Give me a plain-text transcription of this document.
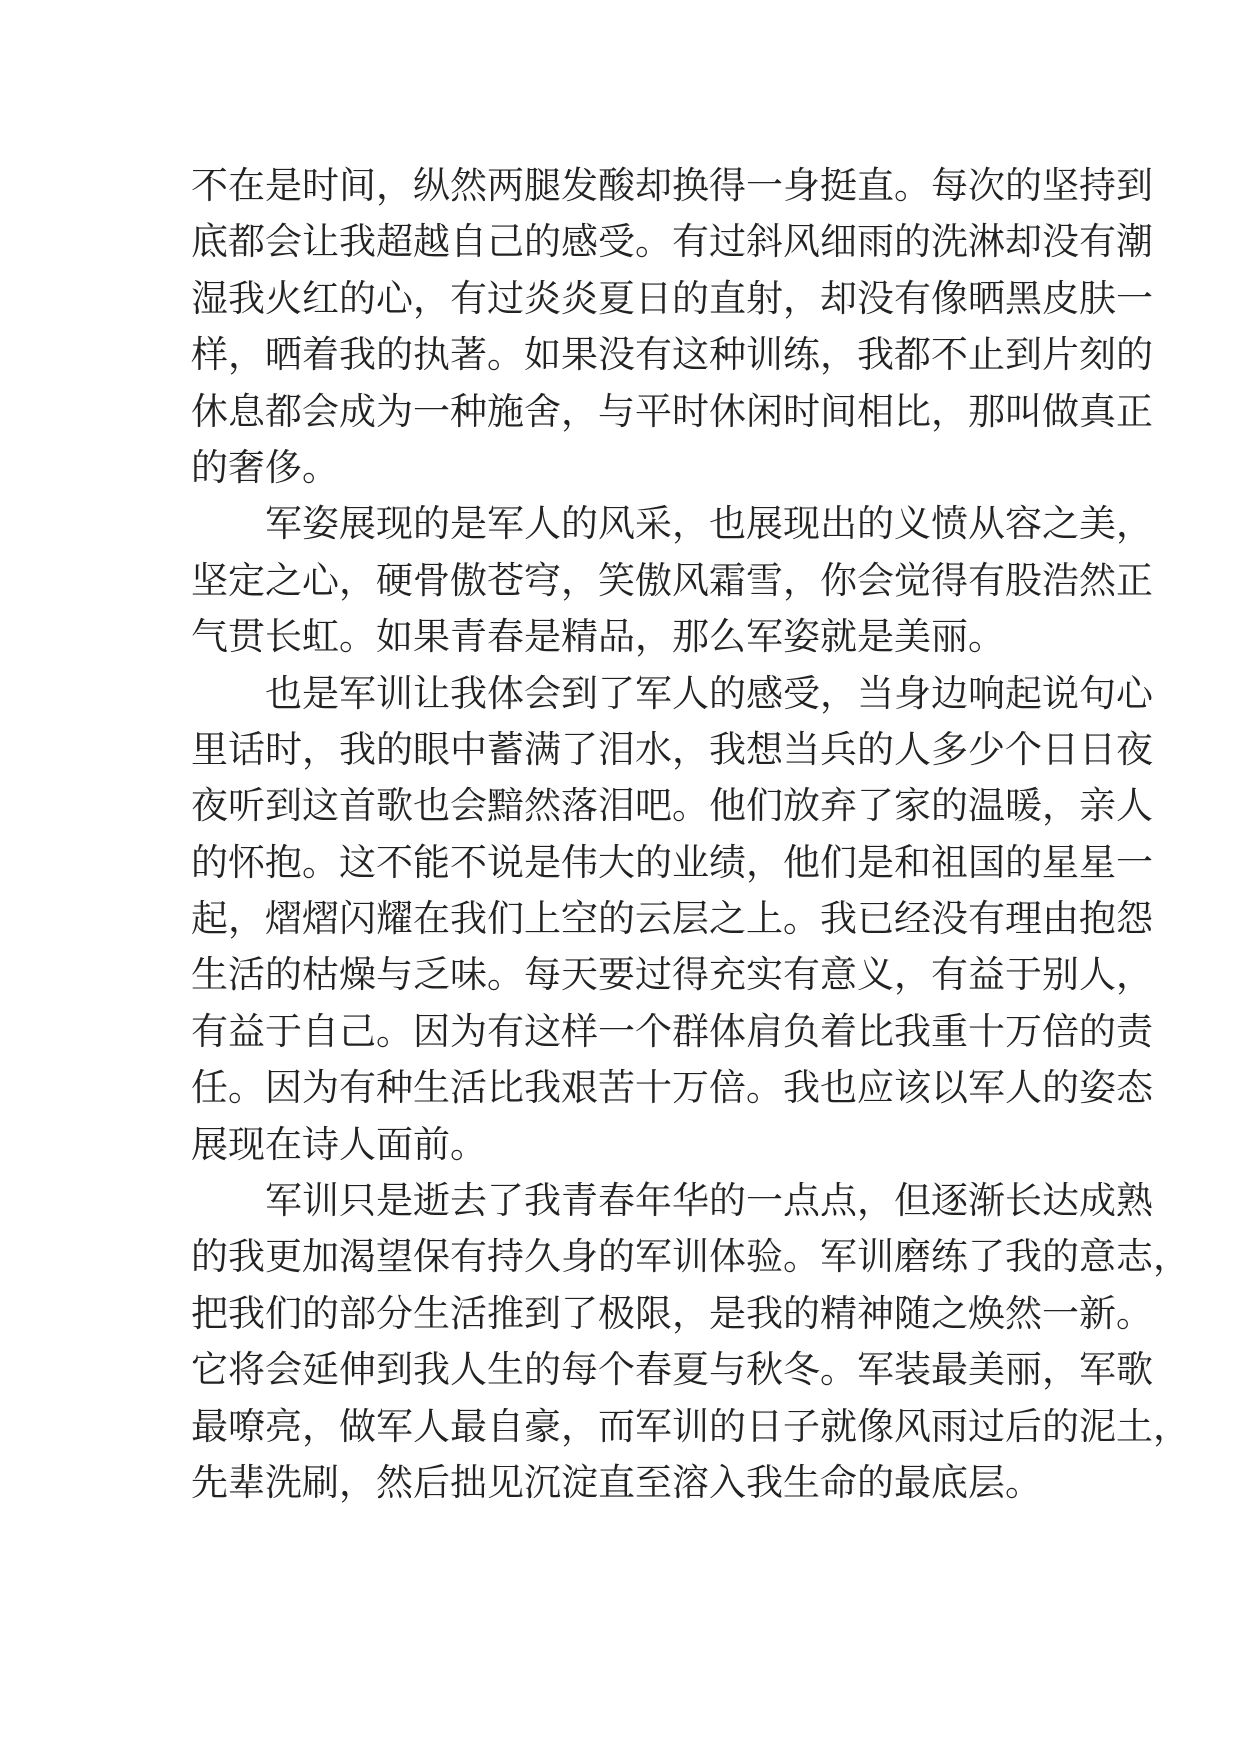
不在是时间，纵然两腿发酸却换得一身挺直。每次的坚持到
底都会让我超越自己的感受。有过斜风细雨的洗淋却没有潮
湿我火红的心，有过炎炎夏日的直射，却没有像晒黑皮肤一
样，晒着我的执著。如果没有这种训练，我都不止到片刻的
休息都会成为一种施舍，与平时休闲时间相比，那叫做真正
的奢侈。
军姿展现的是军人的风采，也展现出的义愤从容之美，
坚定之心，硬骨傲苍穹，笑傲风霜雪，你会觉得有股浩然正
气贯长虹。如果青春是精品，那么军姿就是美丽。
也是军训让我体会到了军人的感受，当身边响起说句心
里话时，我的眼中蓄满了泪水，我想当兵的人多少个日日夜
夜听到这首歌也会黯然落泪吧。他们放弃了家的温暖，亲人
的怀抱。这不能不说是伟大的业绩，他们是和祖国的星星一
起，熠熠闪耀在我们上空的云层之上。我已经没有理由抱怨
生活的枯燥与乏味。每天要过得充实有意义，有益于别人，
有益于自己。因为有这样一个群体肩负着比我重十万倍的责
任。因为有种生活比我艰苦十万倍。我也应该以军人的姿态
展现在诗人面前。
军训只是逝去了我青春年华的一点点，但逐渐长达成熟
的我更加渴望保有持久身的军训体验。军训磨练了我的意志，
把我们的部分生活推到了极限，是我的精神随之焕然一新。
它将会延伸到我人生的每个春夏与秋冬。军装最美丽，军歌
最嘹亮，做军人最自豪，而军训的日子就像风雨过后的泥土，
先辈洗刷，然后拙见沉淀直至溶入我生命的最底层。
